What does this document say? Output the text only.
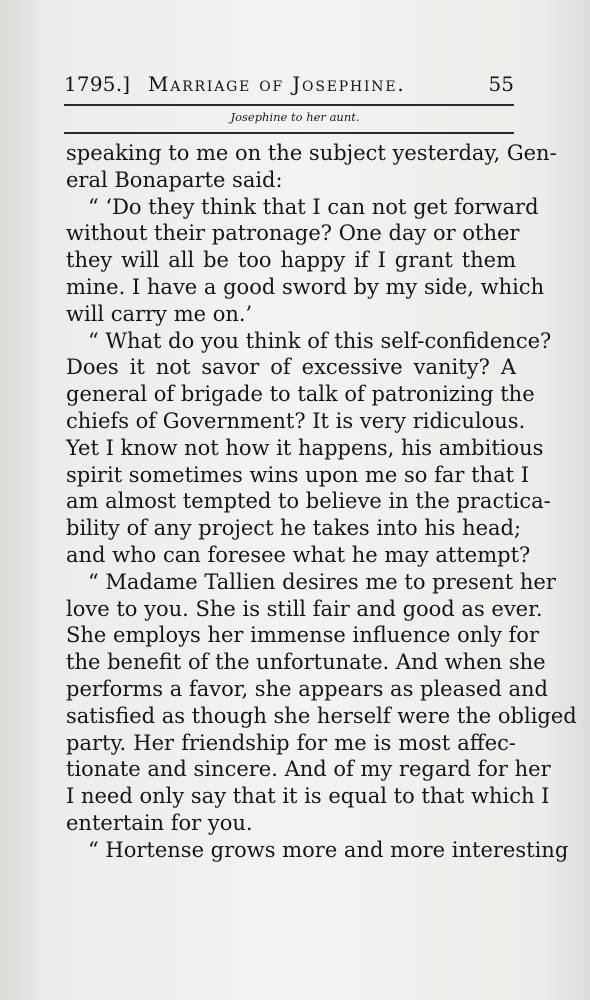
1795.] Marriage of Josephine.	55
Josephine to her aunt.
speaking to me on the subject yesterday, Gen-
eral Bonaparte said:
“ ‘Do they think that I can not get forward
without their patronage? One day or other
they will all be too happy if I grant them
mine. I have a good sword by my side, which
will carry me on.’
“ What do you think of this self-confidence?
Does it not savor of excessive vanity? A
general of brigade to talk of patronizing the
chiefs of Government? It is very ridiculous.
Yet I know not how it happens, his ambitious
spirit sometimes wins upon me so far that I
am almost tempted to believe in the practica-
bility of any project he takes into his head;
and who can foresee what he may attempt?
“ Madame Tallien desires me to present her
love to you. She is still fair and good as ever.
She employs her immense influence only for
the benefit of the unfortunate. And when she
performs a favor, she appears as pleased and
satisfied as though she herself were the obliged
party. Her friendship for me is most affec-
tionate and sincere. And of my regard for her
I need only say that it is equal to that which I
entertain for you.
“ Hortense grows more and more interesting
